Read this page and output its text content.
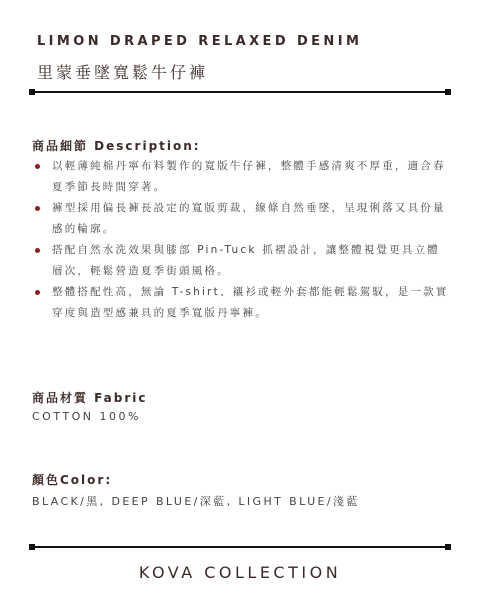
LIMON DRAPED RELAXED DENIM
里蒙垂墜寬鬆牛仔褲
商品細節 Description:
以輕薄純棉丹寧布料製作的寬版牛仔褲，整體手感清爽不厚重，適合春夏季節長時間穿著。
褲型採用偏長褲長設定的寬版剪裁，線條自然垂墜，呈現俐落又具份量感的輪廓。
搭配自然水洗效果與膝部 Pin-Tuck 抓褶設計，讓整體視覺更具立體層次，輕鬆營造夏季街頭風格。
整體搭配性高，無論 T-shirt、襯衫或輕外套都能輕鬆駕馭，是一款實穿度與造型感兼具的夏季寬版丹寧褲。
商品材質 Fabric
COTTON 100%
顏色Color:
BLACK/黑, DEEP BLUE/深藍, LIGHT BLUE/淺藍
KOVA COLLECTION
